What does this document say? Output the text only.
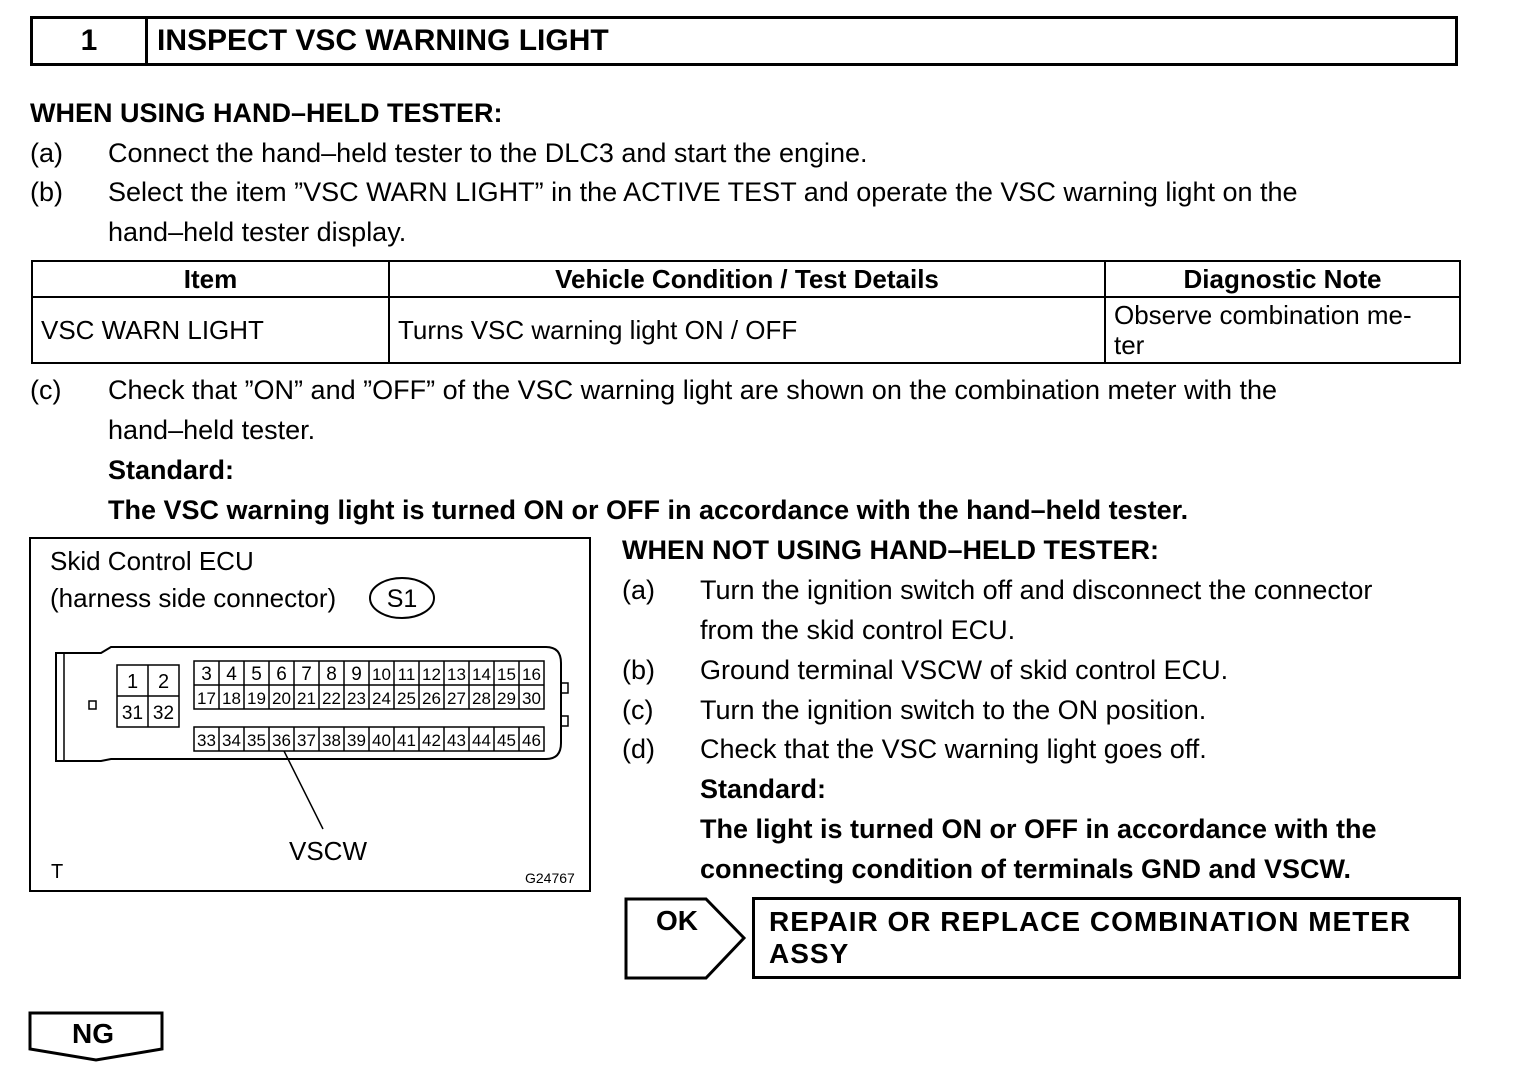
1	INSPECT VSC WARNING LIGHT
WHEN USING HAND–HELD TESTER:
(a) Connect the hand–held tester to the DLC3 and start the engine.
(b) Select the item ”VSC WARN LIGHT” in the ACTIVE TEST and operate the VSC warning light on the
hand–held tester display.
Item	Vehicle Condition / Test Details	Diagnostic Note
VSC WARN LIGHT	Turns VSC warning light ON / OFF	Observe combination me-
ter
(c) Check that ”ON” and ”OFF” of the VSC warning light are shown on the combination meter with the
hand–held tester.
Standard:
The VSC warning light is turned ON or OFF in accordance with the hand–held tester.
Skid Control ECU
(harness side connector) S1
1 2
31 32
3 4 5 6 7 8 9 10 11 12 13 14 15 16
17 18 19 20 21 22 23 24 25 26 27 28 29 30
33 34 35 36 37 38 39 40 41 42 43 44 45 46
VSCW
T	G24767
WHEN NOT USING HAND–HELD TESTER:
(a) Turn the ignition switch off and disconnect the connector
from the skid control ECU.
(b) Ground terminal VSCW of skid control ECU.
(c) Turn the ignition switch to the ON position.
(d) Check that the VSC warning light goes off.
Standard:
The light is turned ON or OFF in accordance with the
connecting condition of terminals GND and VSCW.
OK	REPAIR OR REPLACE COMBINATION METER
ASSY
NG
